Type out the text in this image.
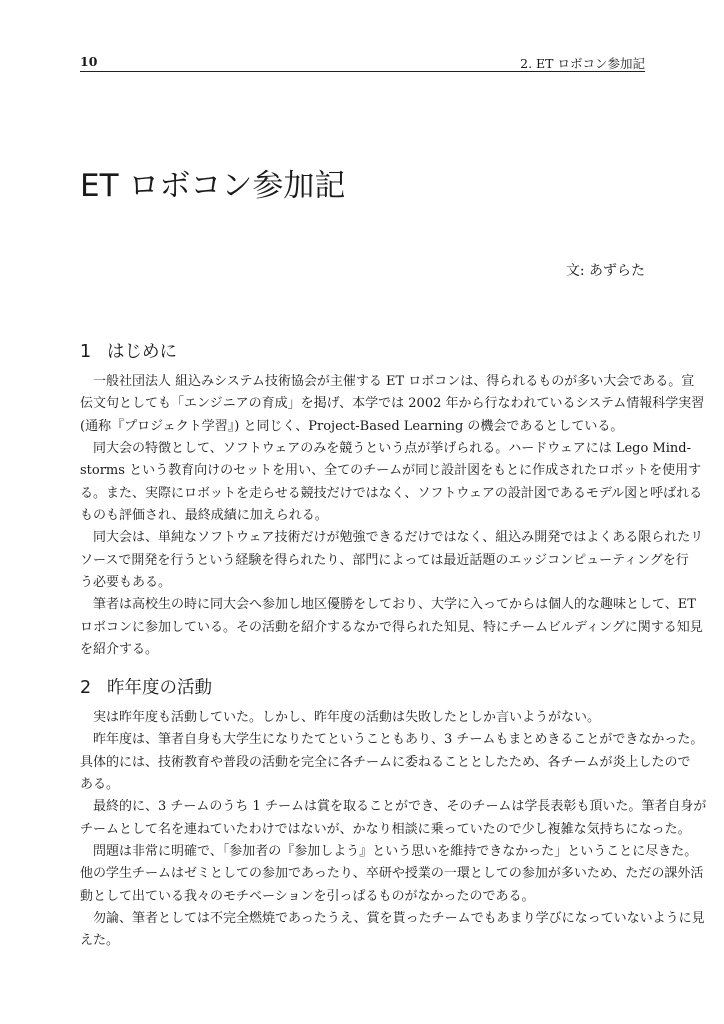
10	2. ET ロボコン参加記
ET ロボコン参加記
文: あずらた
1 はじめに
一般社団法人 組込みシステム技術協会が主催する ET ロボコンは、得られるものが多い大会である。宣
伝文句としても「エンジニアの育成」を掲げ、本学では 2002 年から行なわれているシステム情報科学実習
(通称『プロジェクト学習』) と同じく、Project-Based Learning の機会であるとしている。
同大会の特徴として、ソフトウェアのみを競うという点が挙げられる。ハードウェアには Lego Mind-
storms という教育向けのセットを用い、全てのチームが同じ設計図をもとに作成されたロボットを使用す
る。また、実際にロボットを走らせる競技だけではなく、ソフトウェアの設計図であるモデル図と呼ばれる
ものも評価され、最終成績に加えられる。
同大会は、単純なソフトウェア技術だけが勉強できるだけではなく、組込み開発ではよくある限られたリ
ソースで開発を行うという経験を得られたり、部門によっては最近話題のエッジコンピューティングを行
う必要もある。
筆者は高校生の時に同大会へ参加し地区優勝をしており、大学に入ってからは個人的な趣味として、ET
ロボコンに参加している。その活動を紹介するなかで得られた知見、特にチームビルディングに関する知見
を紹介する。
2 昨年度の活動
実は昨年度も活動していた。しかし、昨年度の活動は失敗したとしか言いようがない。
昨年度は、筆者自身も大学生になりたてということもあり、3 チームもまとめきることができなかった。
具体的には、技術教育や普段の活動を完全に各チームに委ねることとしたため、各チームが炎上したので
ある。
最終的に、3 チームのうち 1 チームは賞を取ることができ、そのチームは学長表彰も頂いた。筆者自身が
チームとして名を連ねていたわけではないが、かなり相談に乗っていたので少し複雑な気持ちになった。
問題は非常に明確で、「参加者の『参加しよう』という思いを維持できなかった」ということに尽きた。
他の学生チームはゼミとしての参加であったり、卒研や授業の一環としての参加が多いため、ただの課外活
動として出ている我々のモチベーションを引っぱるものがなかったのである。
勿論、筆者としては不完全燃焼であったうえ、賞を貰ったチームでもあまり学びになっていないように見
えた。
